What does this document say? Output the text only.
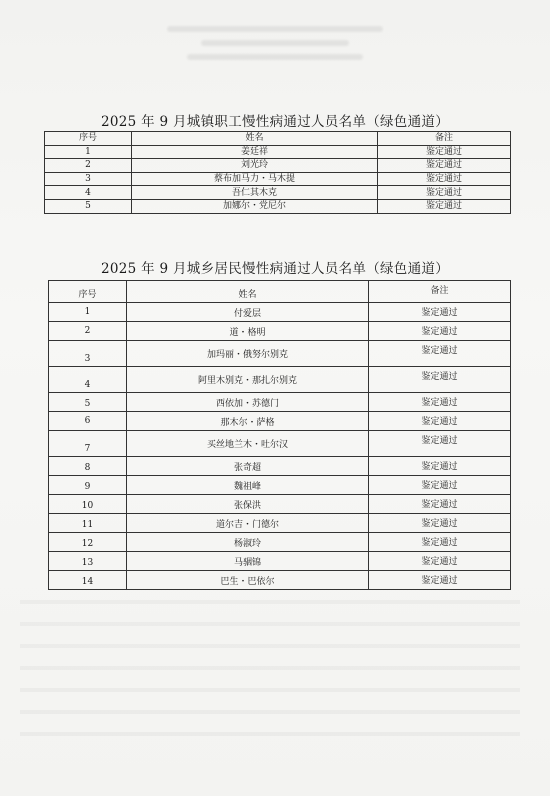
2025 年 9 月城镇职工慢性病通过人员名单（绿色通道）
序号	姓名	备注
1	姜廷祥	鉴定通过
2	刘光玲	鉴定通过
3	蔡布加马力・马木提	鉴定通过
4	吾仁其木克	鉴定通过
5	加娜尔・党尼尔	鉴定通过
2025 年 9 月城乡居民慢性病通过人员名单（绿色通道）
序号	姓名	备注
1	付爱层	鉴定通过
2	道・格明	鉴定通过
3	加玛丽・俄努尔别克	鉴定通过
4	阿里木别克・那扎尔别克	鉴定通过
5	西依加・苏德门	鉴定通过
6	那木尔・萨格	鉴定通过
7	买丝地兰木・吐尔汉	鉴定通过
8	张奇超	鉴定通过
9	魏祖峰	鉴定通过
10	张保洪	鉴定通过
11	道尔吉・门德尔	鉴定通过
12	杨淑玲	鉴定通过
13	马骃锦	鉴定通过
14	巴生・巴依尔	鉴定通过
